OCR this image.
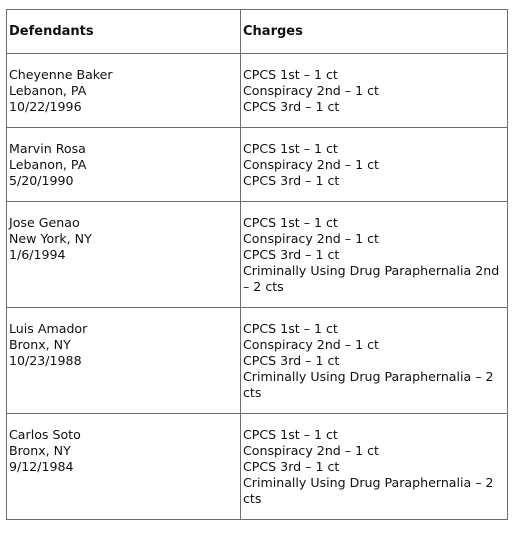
Defendants	Charges

Cheyenne Baker
Lebanon, PA
10/22/1996	CPCS 1st – 1 ct
Conspiracy 2nd – 1 ct
CPCS 3rd – 1 ct

Marvin Rosa
Lebanon, PA
5/20/1990	CPCS 1st – 1 ct
Conspiracy 2nd – 1 ct
CPCS 3rd – 1 ct

Jose Genao
New York, NY
1/6/1994	CPCS 1st – 1 ct
Conspiracy 2nd – 1 ct
CPCS 3rd – 1 ct
Criminally Using Drug Paraphernalia 2nd – 2 cts

Luis Amador
Bronx, NY
10/23/1988	CPCS 1st – 1 ct
Conspiracy 2nd – 1 ct
CPCS 3rd – 1 ct
Criminally Using Drug Paraphernalia – 2 cts

Carlos Soto
Bronx, NY
9/12/1984	CPCS 1st – 1 ct
Conspiracy 2nd – 1 ct
CPCS 3rd – 1 ct
Criminally Using Drug Paraphernalia – 2 cts
